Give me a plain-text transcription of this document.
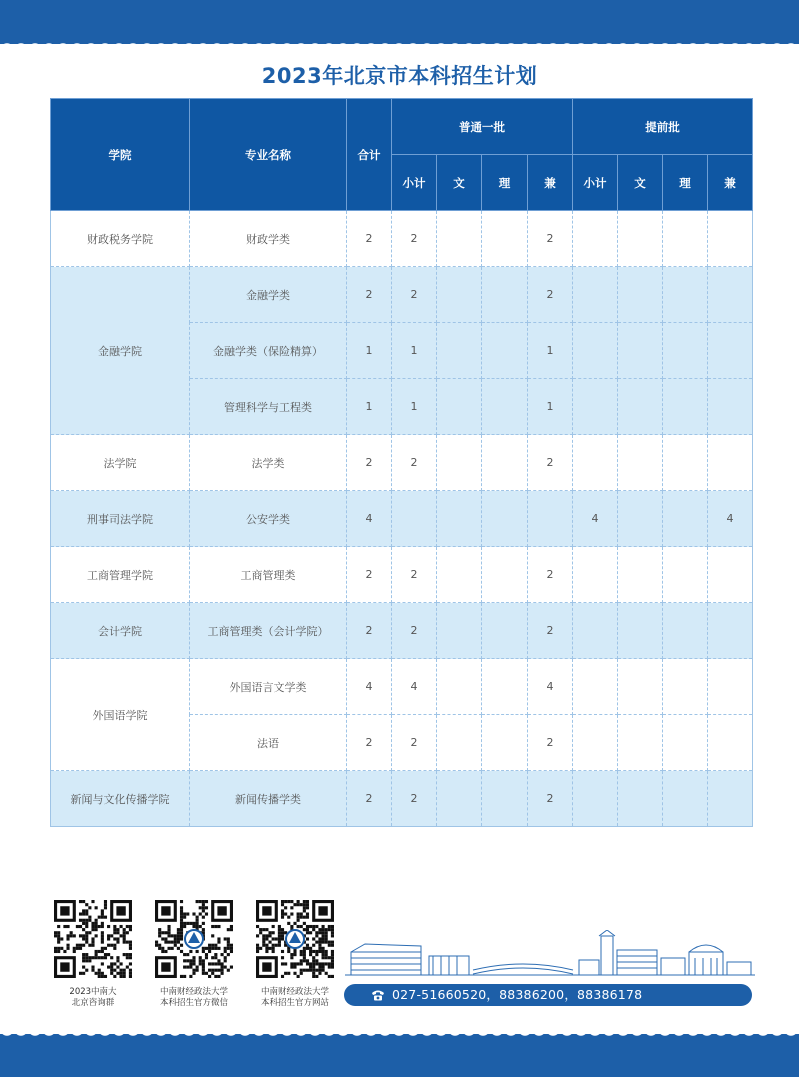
2023年北京市本科招生计划
学院	专业名称	合计	普通一批				提前批			
			小计	文	理	兼	小计	文	理	兼
财政税务学院	财政学类	2	2			2				
金融学院	金融学类	2	2			2				
	金融学类（保险精算）	1	1			1				
	管理科学与工程类	1	1			1				
法学院	法学类	2	2			2				
刑事司法学院	公安学类	4					4			4
工商管理学院	工商管理类	2	2			2				
会计学院	工商管理类（会计学院）	2	2			2				
外国语学院	外国语言文学类	4	4			4				
	法语	2	2			2				
新闻与文化传播学院	新闻传播学类	2	2			2				
2023中南大
北京咨询群
中南财经政法大学
本科招生官方微信
中南财经政法大学
本科招生官方网站
027-51660520，88386200，88386178
